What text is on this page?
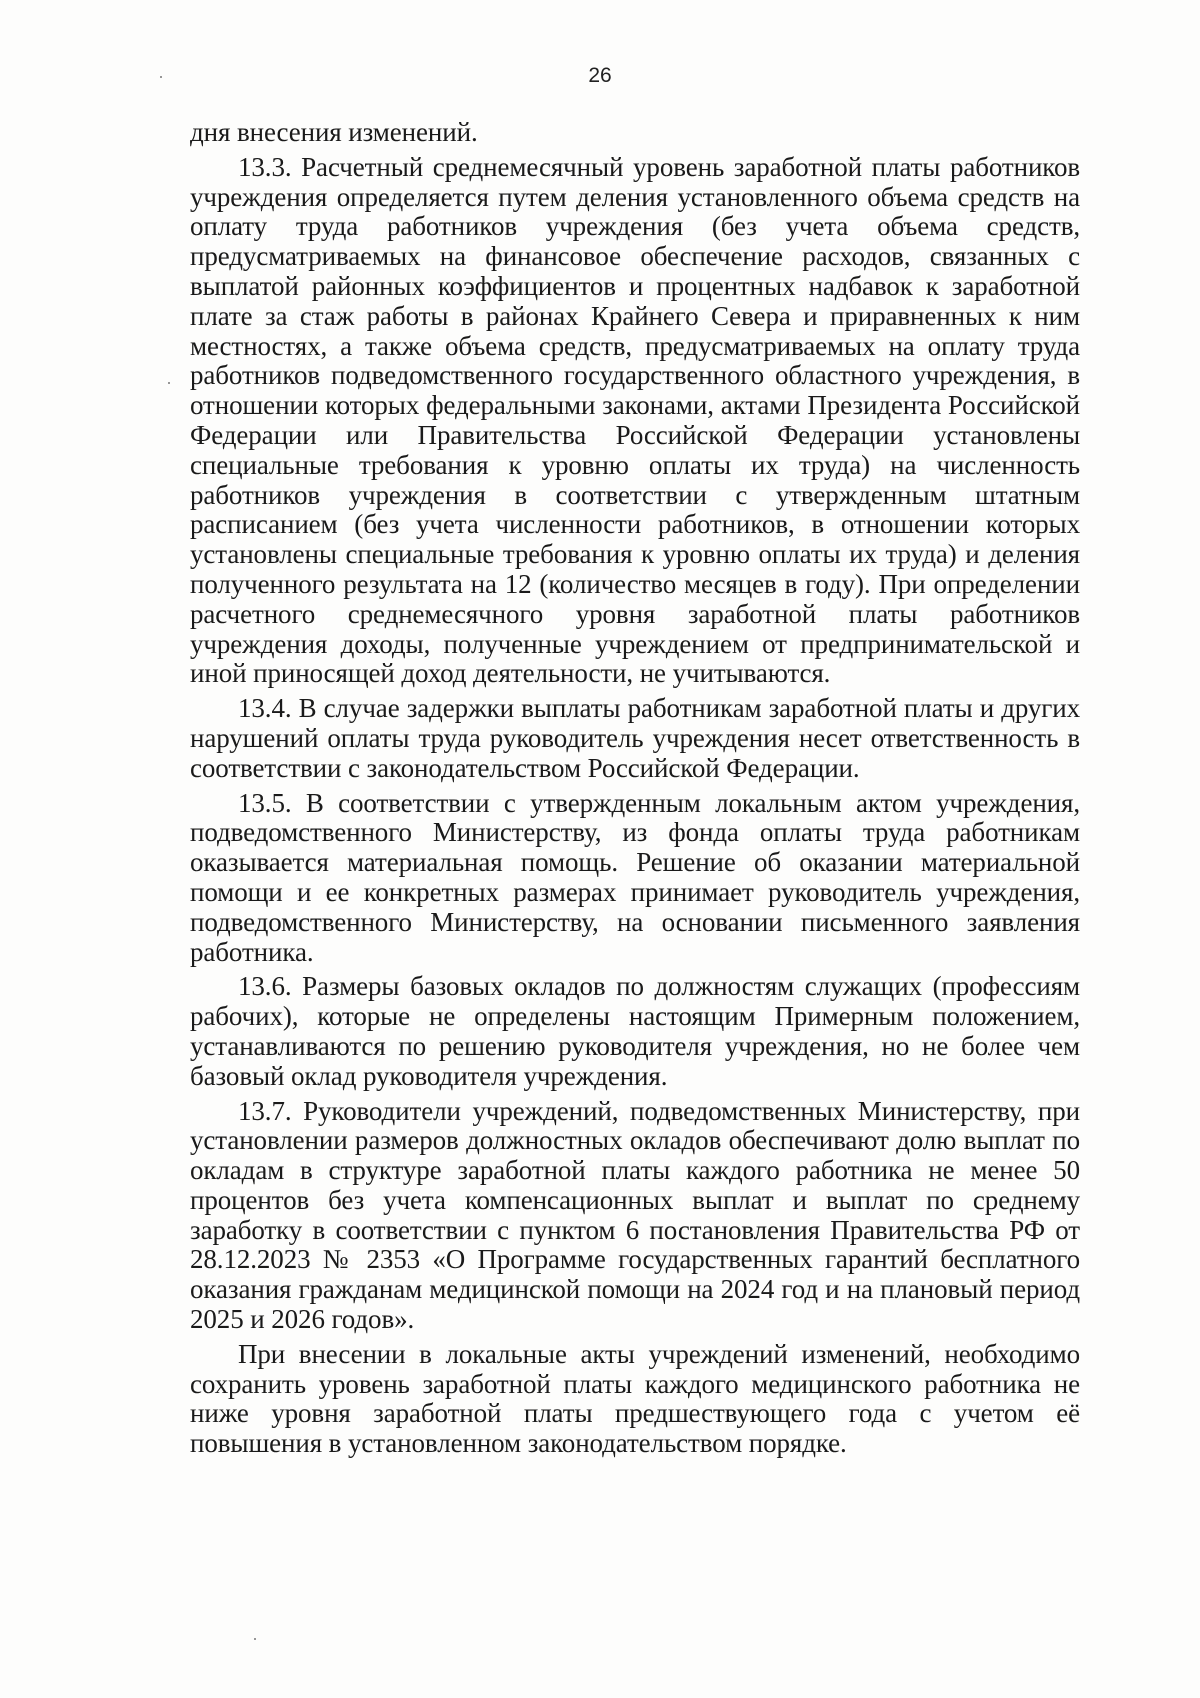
26

дня внесения изменений.

13.3. Расчетный среднемесячный уровень заработной платы работников учреждения определяется путем деления установленного объема средств на оплату труда работников учреждения (без учета объема средств, предусматриваемых на финансовое обеспечение расходов, связанных с выплатой районных коэффициентов и процентных надбавок к заработной плате за стаж работы в районах Крайнего Севера и приравненных к ним местностях, а также объема средств, предусматриваемых на оплату труда работников подведомственного государственного областного учреждения, в отношении которых федеральными законами, актами Президента Российской Федерации или Правительства Российской Федерации установлены специальные требования к уровню оплаты их труда) на численность работников учреждения в соответствии с утвержденным штатным расписанием (без учета численности работников, в отношении которых установлены специальные требования к уровню оплаты их труда) и деления полученного результата на 12 (количество месяцев в году). При определении расчетного среднемесячного уровня заработной платы работников учреждения доходы, полученные учреждением от предпринимательской и иной приносящей доход деятельности, не учитываются.

13.4. В случае задержки выплаты работникам заработной платы и других нарушений оплаты труда руководитель учреждения несет ответственность в соответствии с законодательством Российской Федерации.

13.5. В соответствии с утвержденным локальным актом учреждения, подведомственного Министерству, из фонда оплаты труда работникам оказывается материальная помощь. Решение об оказании материальной помощи и ее конкретных размерах принимает руководитель учреждения, подведомственного Министерству, на основании письменного заявления работника.

13.6. Размеры базовых окладов по должностям служащих (профессиям рабочих), которые не определены настоящим Примерным положением, устанавливаются по решению руководителя учреждения, но не более чем базовый оклад руководителя учреждения.

13.7. Руководители учреждений, подведомственных Министерству, при установлении размеров должностных окладов обеспечивают долю выплат по окладам в структуре заработной платы каждого работника не менее 50 процентов без учета компенсационных выплат и выплат по среднему заработку в соответствии с пунктом 6 постановления Правительства РФ от 28.12.2023 № 2353 «О Программе государственных гарантий бесплатного оказания гражданам медицинской помощи на 2024 год и на плановый период 2025 и 2026 годов».

При внесении в локальные акты учреждений изменений, необходимо сохранить уровень заработной платы каждого медицинского работника не ниже уровня заработной платы предшествующего года с учетом её повышения в установленном законодательством порядке.
